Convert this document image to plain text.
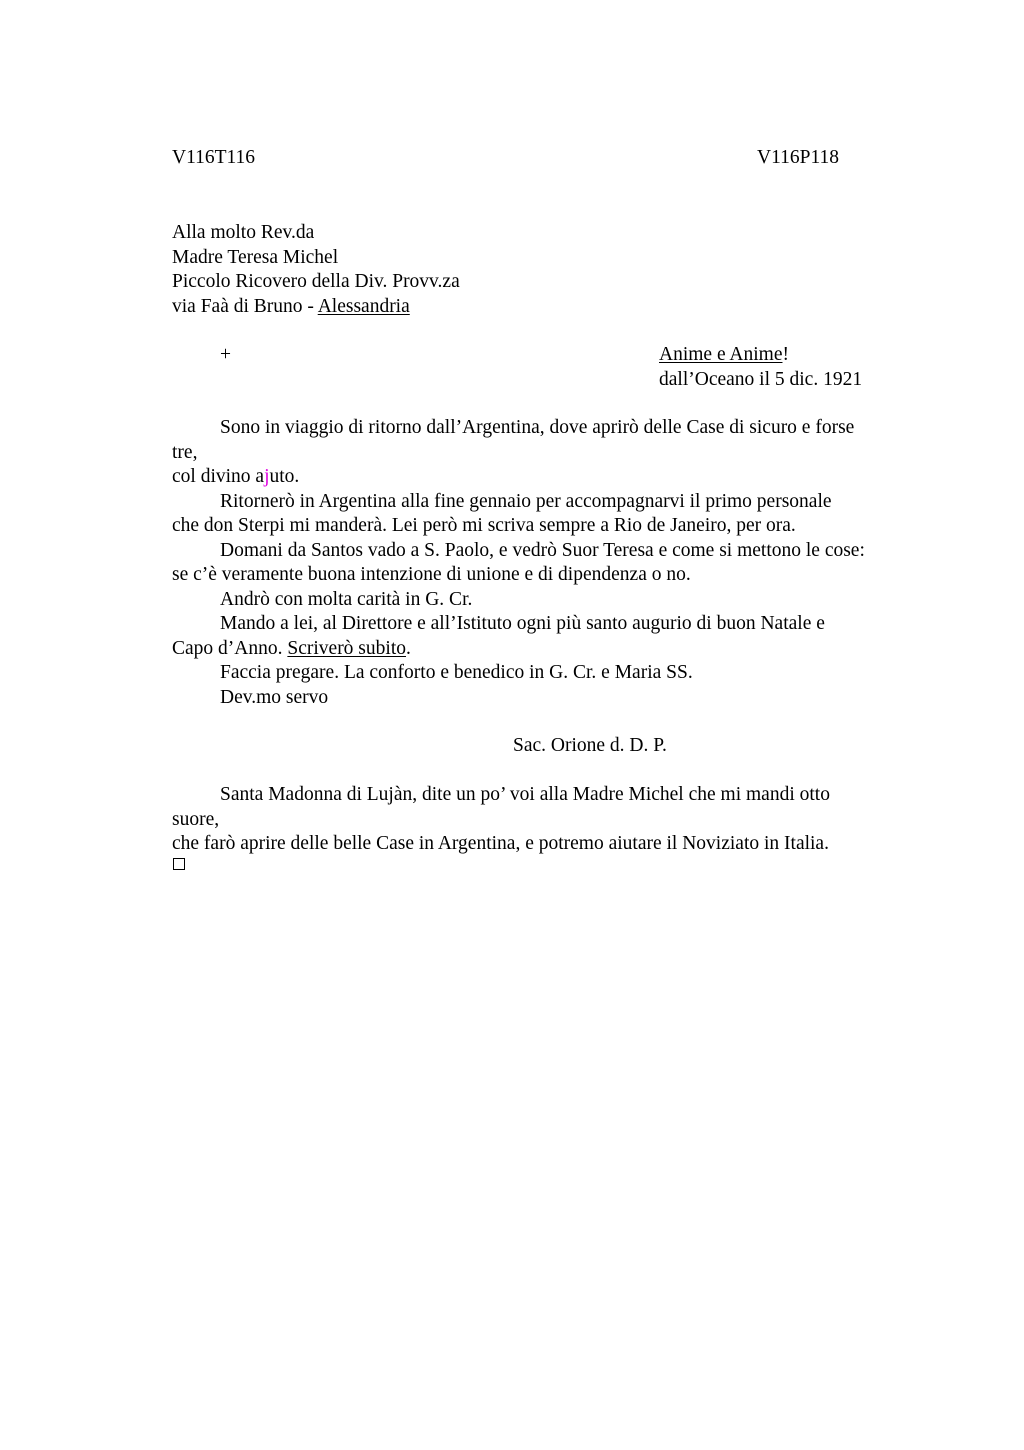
V116T116	V116P118
Alla molto Rev.da
Madre Teresa Michel
Piccolo Ricovero della Div. Provv.za
via Faà di Bruno - Alessandria
+	Anime e Anime!
dall’Oceano il 5 dic. 1921
Sono in viaggio di ritorno dall’Argentina, dove aprirò delle Case di sicuro e forse
tre,
col divino ajuto.
Ritornerò in Argentina alla fine gennaio per accompagnarvi il primo personale
che don Sterpi mi manderà. Lei però mi scriva sempre a Rio de Janeiro, per ora.
Domani da Santos vado a S. Paolo, e vedrò Suor Teresa e come si mettono le cose:
se c’è veramente buona intenzione di unione e di dipendenza o no.
Andrò con molta carità in G. Cr.
Mando a lei, al Direttore e all’Istituto ogni più santo augurio di buon Natale e
Capo d’Anno. Scriverò subito.
Faccia pregare. La conforto e benedico in G. Cr. e Maria SS.
Dev.mo servo
Sac. Orione d. D. P.
Santa Madonna di Lujàn, dite un po’ voi alla Madre Michel che mi mandi otto
suore,
che farò aprire delle belle Case in Argentina, e potremo aiutare il Noviziato in Italia.
